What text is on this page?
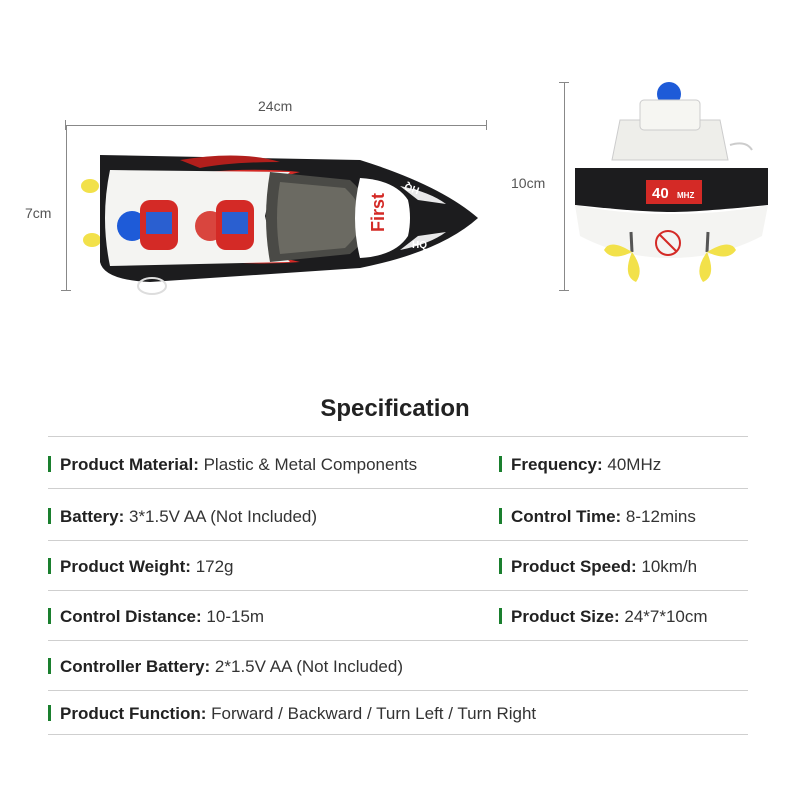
24cm
7cm
10cm
First
HQ
HQ
40 MHZ
Specification
Product Material: Plastic & Metal Components	Frequency: 40MHz
Battery: 3*1.5V AA (Not Included)	Control Time: 8-12mins
Product Weight: 172g	Product Speed: 10km/h
Control Distance: 10-15m	Product Size: 24*7*10cm
Controller Battery: 2*1.5V AA (Not Included)
Product Function: Forward / Backward / Turn Left / Turn Right
